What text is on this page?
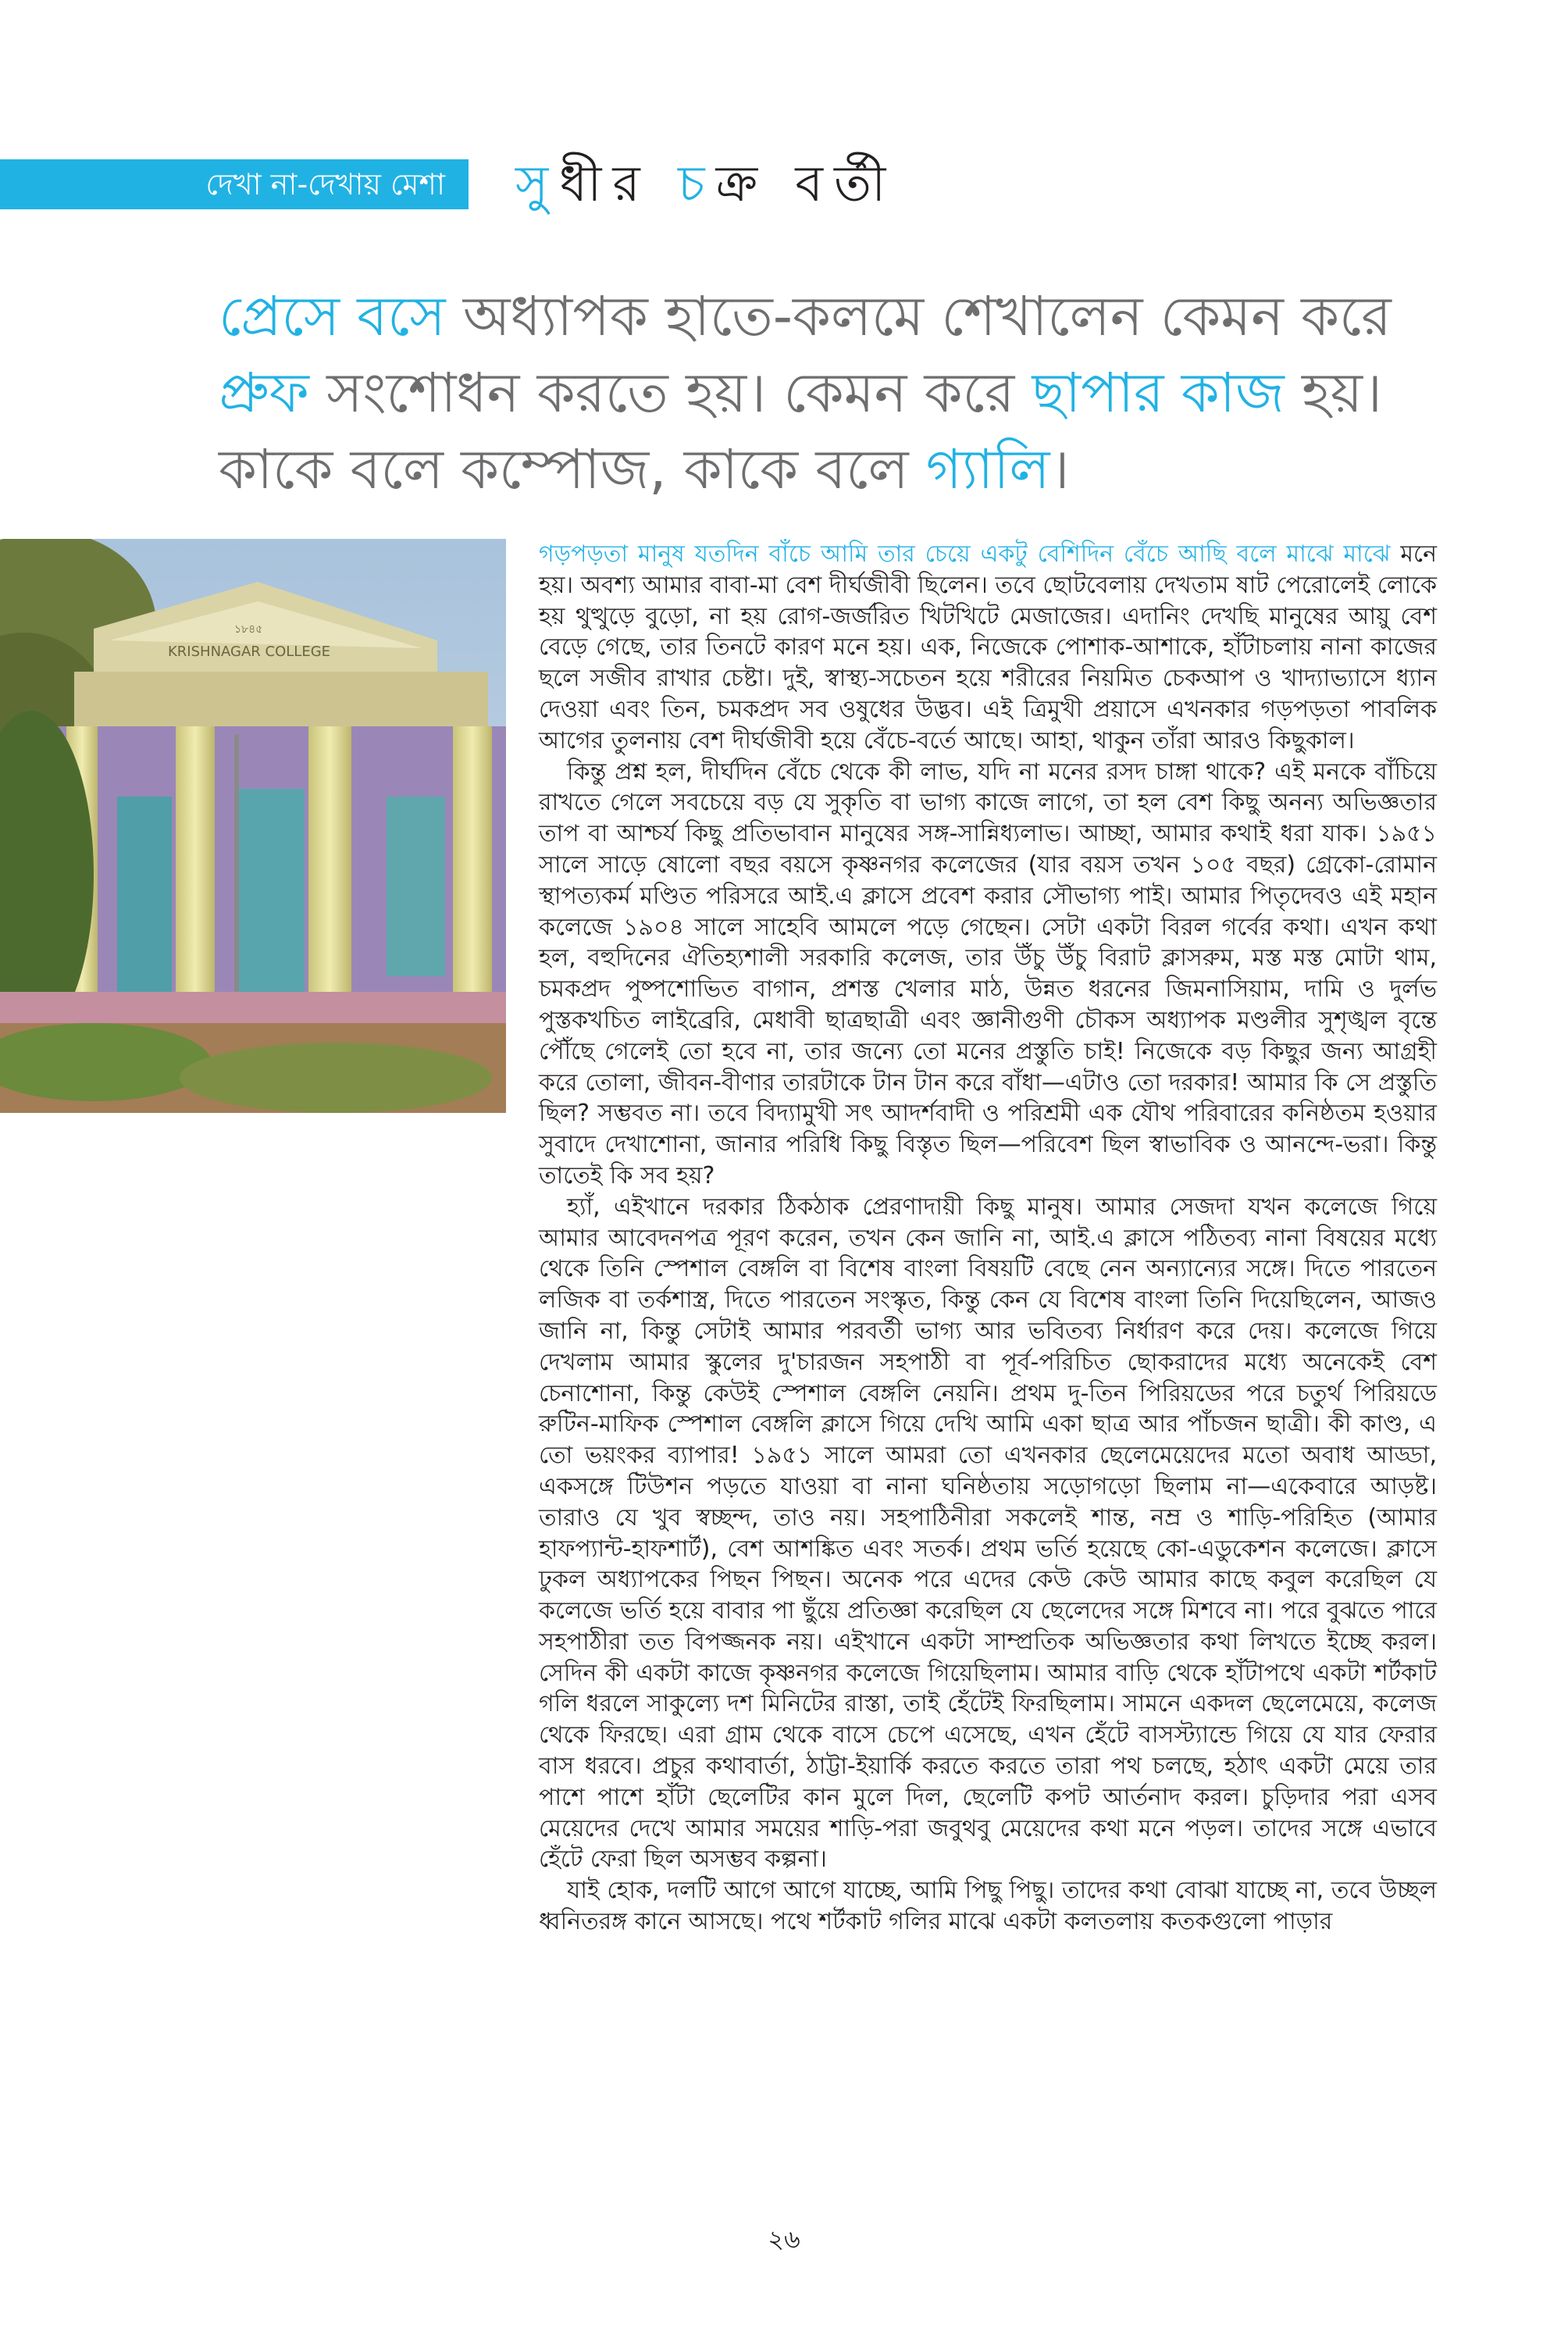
দেখা না-দেখায় মেশা সুধীর চক্র বর্তী
প্রেসে বসে অধ্যাপক হাতে-কলমে শেখালেন কেমন করে প্রুফ সংশোধন করতে হয়। কেমন করে ছাপার কাজ হয়। কাকে বলে কম্পোজ, কাকে বলে গ্যালি।
১৮৪৫
KRISHNAGAR COLLEGE

গড়পড়তা মানুষ যতদিন বাঁচে আমি তার চেয়ে একটু বেশিদিন বেঁচে আছি বলে মাঝে মাঝে মনে হয়। অবশ্য আমার বাবা-মা বেশ দীর্ঘজীবী ছিলেন। তবে ছোটবেলায় দেখতাম ষাট পেরোলেই লোকে হয় থুত্থুড়ে বুড়ো, না হয় রোগ-জর্জরিত খিটখিটে মেজাজের। এদানিং দেখছি মানুষের আয়ু বেশ বেড়ে গেছে, তার তিনটে কারণ মনে হয়। এক, নিজেকে পোশাক-আশাকে, হাঁটাচলায় নানা কাজের ছলে সজীব রাখার চেষ্টা। দুই, স্বাস্থ্য-সচেতন হয়ে শরীরের নিয়মিত চেকআপ ও খাদ্যাভ্যাসে ধ্যান দেওয়া এবং তিন, চমকপ্রদ সব ওষুধের উদ্ভব। এই ত্রিমুখী প্রয়াসে এখনকার গড়পড়তা পাবলিক আগের তুলনায় বেশ দীর্ঘজীবী হয়ে বেঁচে-বর্তে আছে। আহা, থাকুন তাঁরা আরও কিছুকাল।

কিন্তু প্রশ্ন হল, দীর্ঘদিন বেঁচে থেকে কী লাভ, যদি না মনের রসদ চাঙ্গা থাকে? এই মনকে বাঁচিয়ে রাখতে গেলে সবচেয়ে বড় যে সুকৃতি বা ভাগ্য কাজে লাগে, তা হল বেশ কিছু অনন্য অভিজ্ঞতার তাপ বা আশ্চর্য কিছু প্রতিভাবান মানুষের সঙ্গ-সান্নিধ্যলাভ। আচ্ছা, আমার কথাই ধরা যাক। ১৯৫১ সালে সাড়ে ষোলো বছর বয়সে কৃষ্ণনগর কলেজের (যার বয়স তখন ১০৫ বছর) গ্রেকো-রোমান স্থাপত্যকর্ম মণ্ডিত পরিসরে আই.এ ক্লাসে প্রবেশ করার সৌভাগ্য পাই। আমার পিতৃদেবও এই মহান কলেজে ১৯০৪ সালে সাহেবি আমলে পড়ে গেছেন। সেটা একটা বিরল গর্বের কথা। এখন কথা হল, বহুদিনের ঐতিহ্যশালী সরকারি কলেজ, তার উঁচু উঁচু বিরাট ক্লাসরুম, মস্ত মস্ত মোটা থাম, চমকপ্রদ পুষ্পশোভিত বাগান, প্রশস্ত খেলার মাঠ, উন্নত ধরনের জিমনাসিয়াম, দামি ও দুর্লভ পুস্তকখচিত লাইব্রেরি, মেধাবী ছাত্রছাত্রী এবং জ্ঞানীগুণী চৌকস অধ্যাপক মণ্ডলীর সুশৃঙ্খল বৃন্তে পৌঁছে গেলেই তো হবে না, তার জন্যে তো মনের প্রস্তুতি চাই! নিজেকে বড় কিছুর জন্য আগ্রহী করে তোলা, জীবন-বীণার তারটাকে টান টান করে বাঁধা—এটাও তো দরকার! আমার কি সে প্রস্তুতি ছিল? সম্ভবত না। তবে বিদ্যামুখী সৎ আদর্শবাদী ও পরিশ্রমী এক যৌথ পরিবারের কনিষ্ঠতম হওয়ার সুবাদে দেখাশোনা, জানার পরিধি কিছু বিস্তৃত ছিল—পরিবেশ ছিল স্বাভাবিক ও আনন্দে-ভরা। কিন্তু তাতেই কি সব হয়?

হ্যাঁ, এইখানে দরকার ঠিকঠাক প্রেরণাদায়ী কিছু মানুষ। আমার সেজদা যখন কলেজে গিয়ে আমার আবেদনপত্র পূরণ করেন, তখন কেন জানি না, আই.এ ক্লাসে পঠিতব্য নানা বিষয়ের মধ্যে থেকে তিনি স্পেশাল বেঙ্গলি বা বিশেষ বাংলা বিষয়টি বেছে নেন অন্যান্যের সঙ্গে। দিতে পারতেন লজিক বা তর্কশাস্ত্র, দিতে পারতেন সংস্কৃত, কিন্তু কেন যে বিশেষ বাংলা তিনি দিয়েছিলেন, আজও জানি না, কিন্তু সেটাই আমার পরবর্তী ভাগ্য আর ভবিতব্য নির্ধারণ করে দেয়। কলেজে গিয়ে দেখলাম আমার স্কুলের দু'চারজন সহপাঠী বা পূর্ব-পরিচিত ছোকরাদের মধ্যে অনেকেই বেশ চেনাশোনা, কিন্তু কেউই স্পেশাল বেঙ্গলি নেয়নি। প্রথম দু-তিন পিরিয়ডের পরে চতুর্থ পিরিয়ডে রুটিন-মাফিক স্পেশাল বেঙ্গলি ক্লাসে গিয়ে দেখি আমি একা ছাত্র আর পাঁচজন ছাত্রী। কী কাণ্ড, এ তো ভয়ংকর ব্যাপার! ১৯৫১ সালে আমরা তো এখনকার ছেলেমেয়েদের মতো অবাধ আড্ডা, একসঙ্গে টিউশন পড়তে যাওয়া বা নানা ঘনিষ্ঠতায় সড়োগড়ো ছিলাম না—একেবারে আড়ষ্ট। তারাও যে খুব স্বচ্ছন্দ, তাও নয়। সহপাঠিনীরা সকলেই শান্ত, নম্র ও শাড়ি-পরিহিত (আমার হাফপ্যান্ট-হাফশার্ট), বেশ আশঙ্কিত এবং সতর্ক। প্রথম ভর্তি হয়েছে কো-এডুকেশন কলেজে। ক্লাসে ঢুকল অধ্যাপকের পিছন পিছন। অনেক পরে এদের কেউ কেউ আমার কাছে কবুল করেছিল যে কলেজে ভর্তি হয়ে বাবার পা ছুঁয়ে প্রতিজ্ঞা করেছিল যে ছেলেদের সঙ্গে মিশবে না। পরে বুঝতে পারে সহপাঠীরা তত বিপজ্জনক নয়। এইখানে একটা সাম্প্রতিক অভিজ্ঞতার কথা লিখতে ইচ্ছে করল। সেদিন কী একটা কাজে কৃষ্ণনগর কলেজে গিয়েছিলাম। আমার বাড়ি থেকে হাঁটাপথে একটা শর্টকাট গলি ধরলে সাকুল্যে দশ মিনিটের রাস্তা, তাই হেঁটেই ফিরছিলাম। সামনে একদল ছেলেমেয়ে, কলেজ থেকে ফিরছে। এরা গ্রাম থেকে বাসে চেপে এসেছে, এখন হেঁটে বাসস্ট্যান্ডে গিয়ে যে যার ফেরার বাস ধরবে। প্রচুর কথাবার্তা, ঠাট্টা-ইয়ার্কি করতে করতে তারা পথ চলছে, হঠাৎ একটা মেয়ে তার পাশে পাশে হাঁটা ছেলেটির কান মুলে দিল, ছেলেটি কপট আর্তনাদ করল। চুড়িদার পরা এসব মেয়েদের দেখে আমার সময়ের শাড়ি-পরা জবুথবু মেয়েদের কথা মনে পড়ল। তাদের সঙ্গে এভাবে হেঁটে ফেরা ছিল অসম্ভব কল্পনা।

যাই হোক, দলটি আগে আগে যাচ্ছে, আমি পিছু পিছু। তাদের কথা বোঝা যাচ্ছে না, তবে উচ্ছল ধ্বনিতরঙ্গ কানে আসছে। পথে শর্টকাট গলির মাঝে একটা কলতলায় কতকগুলো পাড়ার

২৬
